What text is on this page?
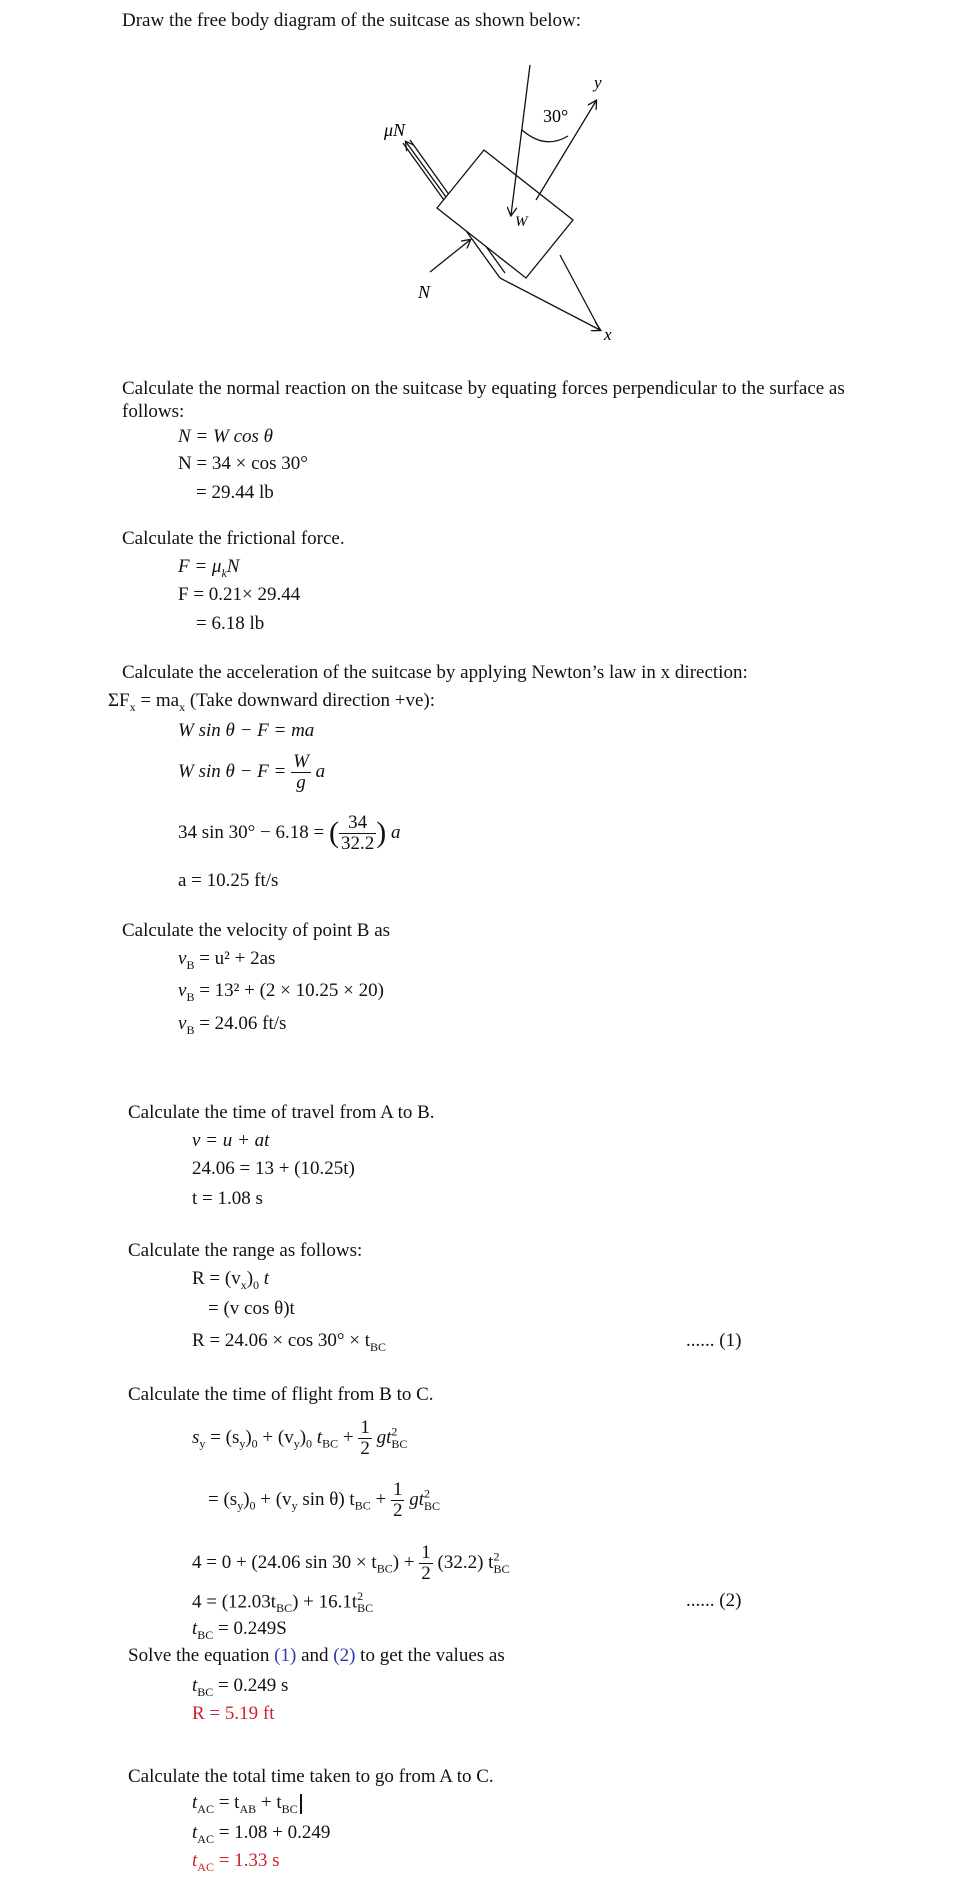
Draw the free body diagram of the suitcase as shown below:
30°
y
x
μN
N
W
Calculate the normal reaction on the suitcase by equating forces perpendicular to the surface as follows:
N = W cos θ
N = 34 × cos 30°
= 29.44 lb
Calculate the frictional force.
$F = \mu_kN$
F = 0.21× 29.44
= 6.18 lb
Calculate the acceleration of the suitcase by applying Newton’s law in x direction:
$\Sigma F_x = ma_x$ (Take downward direction +ve):
W sin θ − F = ma
W $\sin \theta - F = \frac{W}{g}$ a
34 sin 30° − 6.18 = ( $\frac{34}{32.2}$ ) a
a = 10.25 ft/s
Calculate the velocity of point B as
$v_B = u^2 + 2as$
$v_B = 13^2 + (2 \times 10.25 \times 20)$
$v_B = 24.06$ ft/s
Calculate the time of travel from A to B.
v = u + at
24.06 = 13 + (10.25t)
t = 1.08 s
Calculate the range as follows:
$R = (v_x)_0$ t
= (v cos θ)t
$R = 24.06 \times \cos 30^\circ \times t_{BC}$	...... (1)
Calculate the time of flight from B to C.
$s_y = (s_y)_0 + (v_y)_0$ $t_{BC} + \frac{1}{2} gt^2_{BC}$
= $(s_y)_0 + (v_y$ sin θ) $t_{BC} + \frac{1}{2} gt^2_{BC}$
4 = 0 + (24.06 $\sin 30 \times t_{BC}) + \frac{1}{2} (32.2)$ $t^2_{BC}$
$4 = (12.03t_{BC}) + 16.1t^2_{BC}$	...... (2)
$t_{BC} = 0.249S$
Solve the equation (1) and (2) to get the values as
$t_{BC} = 0.249$ s
R = 5.19 ft
Calculate the total time taken to go from A to C.
$t_{AC} = t_{AB} + t_{BC}$
$t_{AC} = 1.08 + 0.249$
$t_{AC} = 1.33$ s
